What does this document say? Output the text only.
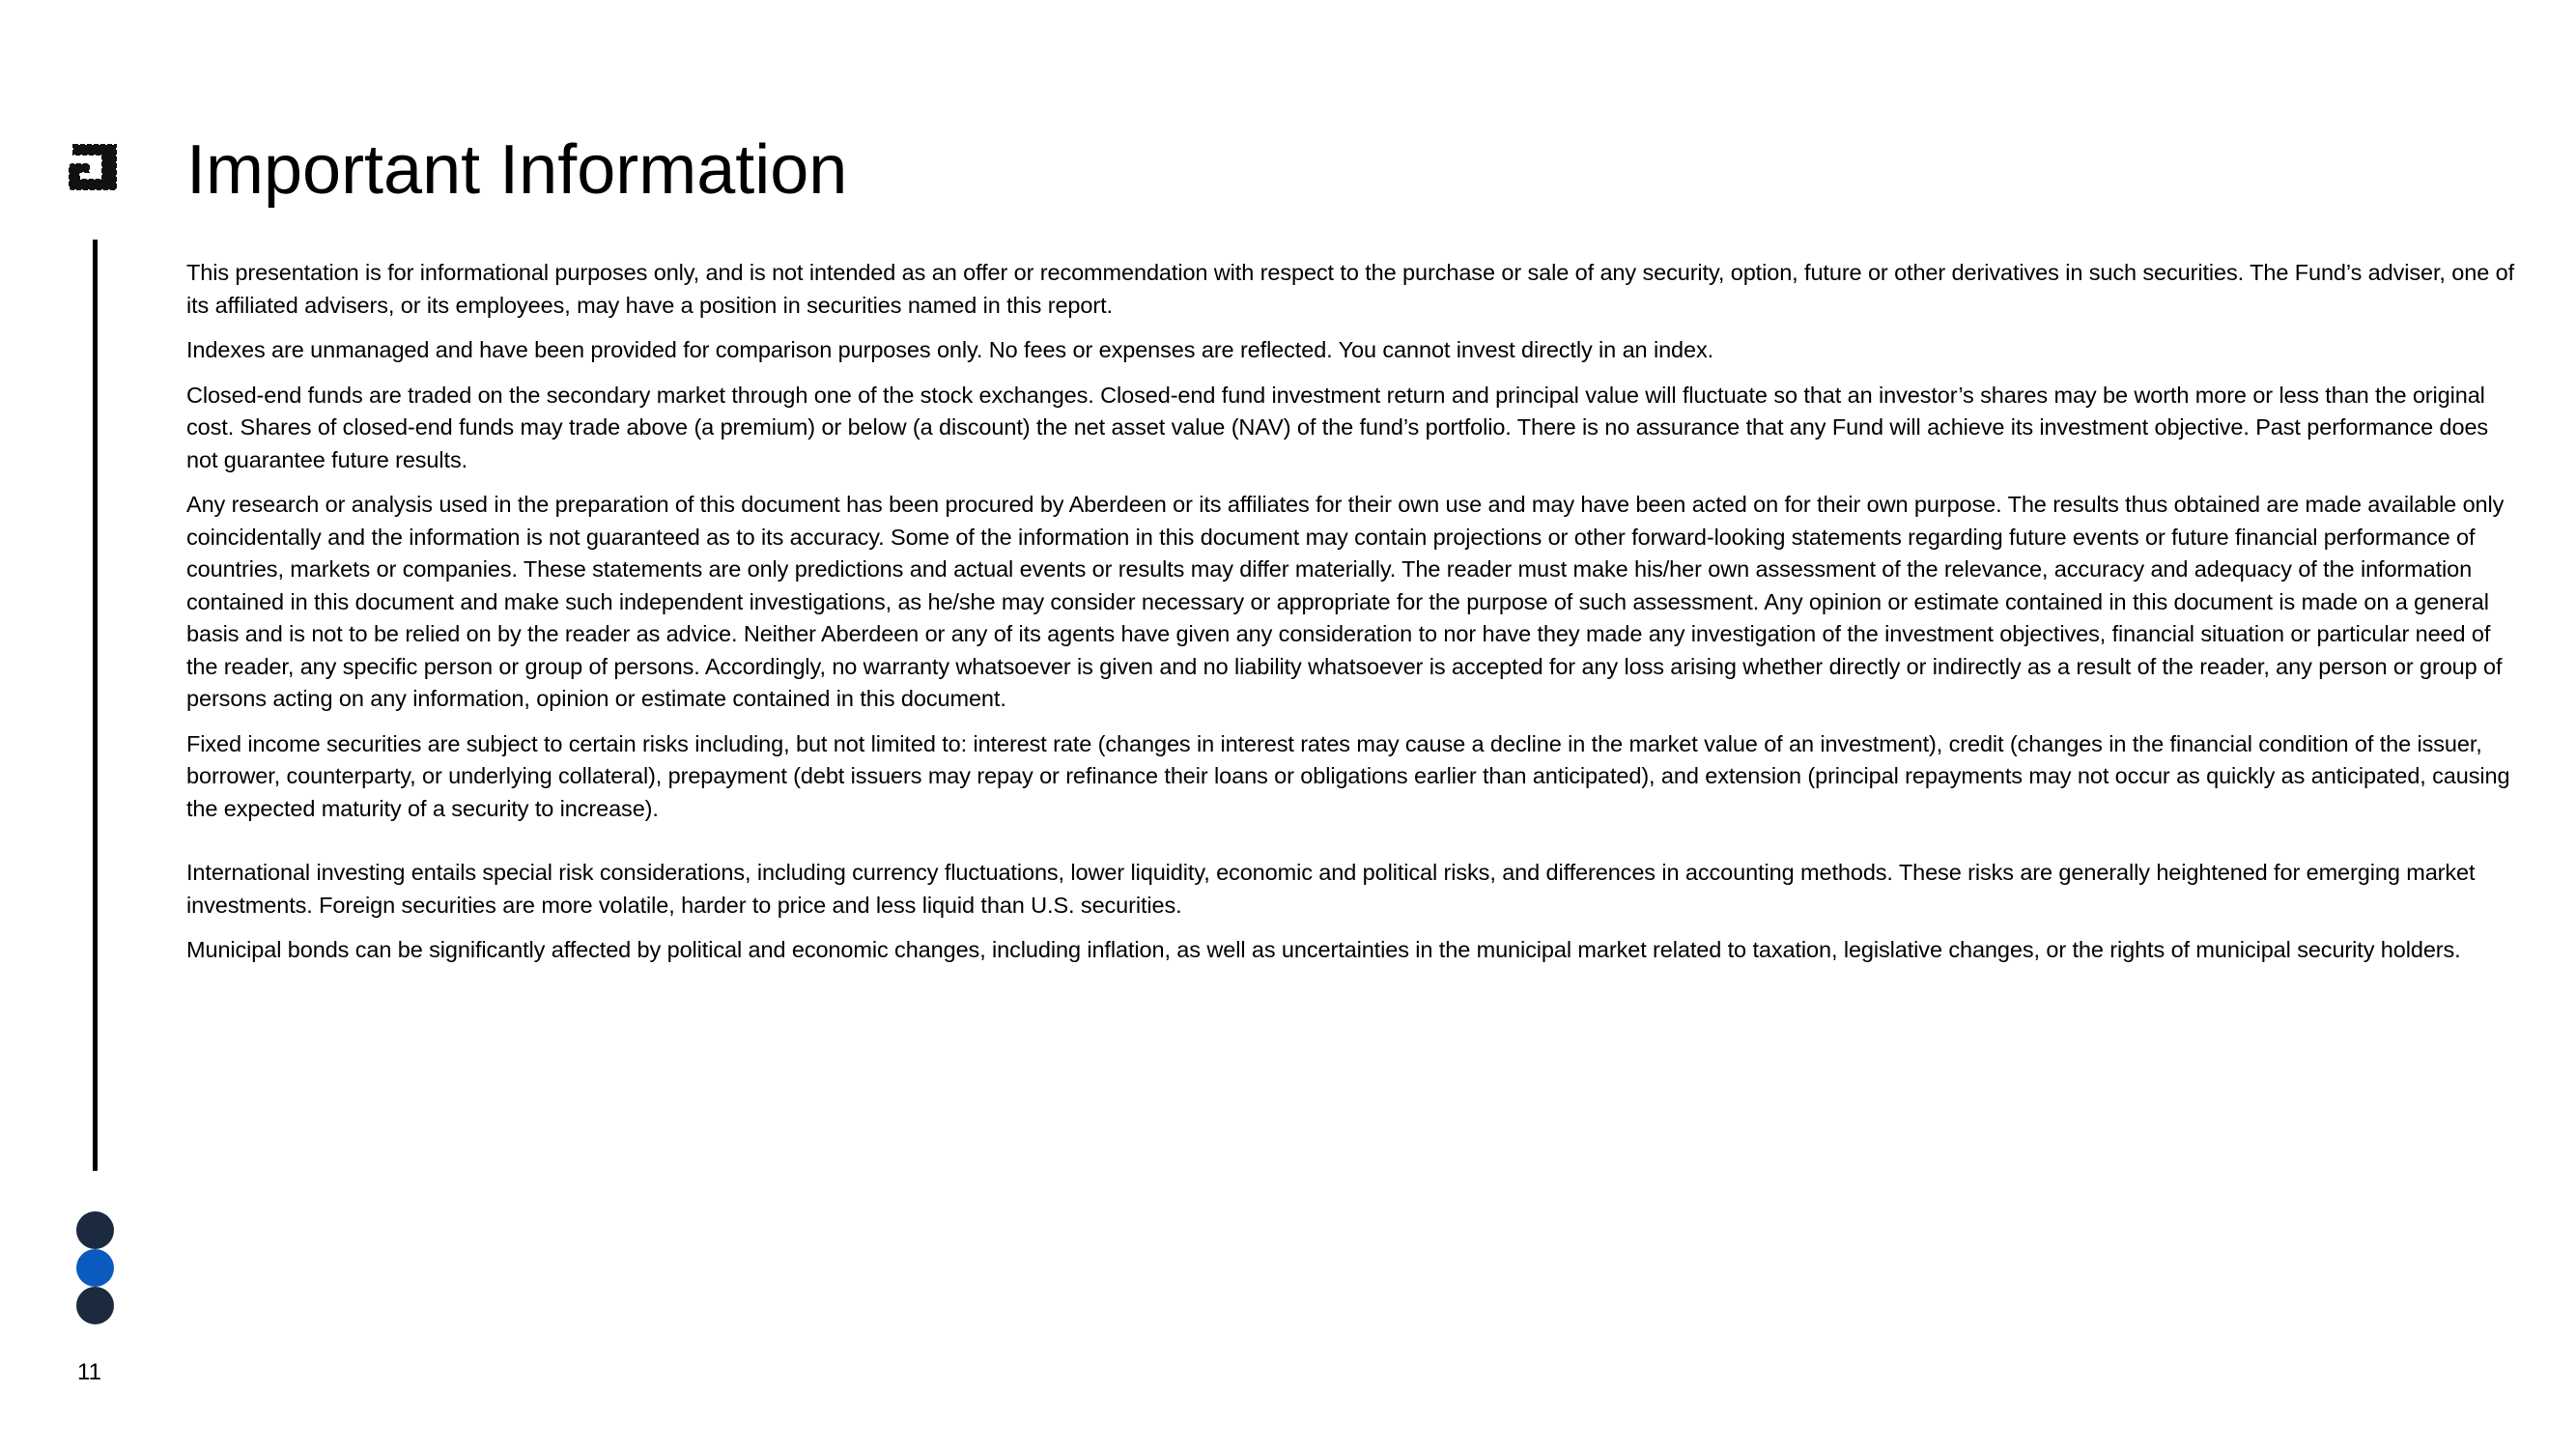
Important Information

This presentation is for informational purposes only, and is not intended as an offer or recommendation with respect to the purchase or sale of any security, option, future or other derivatives in such securities. The Fund’s adviser, one of its affiliated advisers, or its employees, may have a position in securities named in this report.

Indexes are unmanaged and have been provided for comparison purposes only. No fees or expenses are reflected. You cannot invest directly in an index.

Closed-end funds are traded on the secondary market through one of the stock exchanges. Closed-end fund investment return and principal value will fluctuate so that an investor’s shares may be worth more or less than the original cost. Shares of closed-end funds may trade above (a premium) or below (a discount) the net asset value (NAV) of the fund’s portfolio. There is no assurance that any Fund will achieve its investment objective. Past performance does not guarantee future results.

Any research or analysis used in the preparation of this document has been procured by Aberdeen or its affiliates for their own use and may have been acted on for their own purpose. The results thus obtained are made available only coincidentally and the information is not guaranteed as to its accuracy. Some of the information in this document may contain projections or other forward-looking statements regarding future events or future financial performance of countries, markets or companies. These statements are only predictions and actual events or results may differ materially. The reader must make his/her own assessment of the relevance, accuracy and adequacy of the information contained in this document and make such independent investigations, as he/she may consider necessary or appropriate for the purpose of such assessment. Any opinion or estimate contained in this document is made on a general basis and is not to be relied on by the reader as advice. Neither Aberdeen or any of its agents have given any consideration to nor have they made any investigation of the investment objectives, financial situation or particular need of the reader, any specific person or group of persons. Accordingly, no warranty whatsoever is given and no liability whatsoever is accepted for any loss arising whether directly or indirectly as a result of the reader, any person or group of persons acting on any information, opinion or estimate contained in this document.

Fixed income securities are subject to certain risks including, but not limited to: interest rate (changes in interest rates may cause a decline in the market value of an investment), credit (changes in the financial condition of the issuer, borrower, counterparty, or underlying collateral), prepayment (debt issuers may repay or refinance their loans or obligations earlier than anticipated), and extension (principal repayments may not occur as quickly as anticipated, causing the expected maturity of a security to increase).

International investing entails special risk considerations, including currency fluctuations, lower liquidity, economic and political risks, and differences in accounting methods. These risks are generally heightened for emerging market investments. Foreign securities are more volatile, harder to price and less liquid than U.S. securities.

Municipal bonds can be significantly affected by political and economic changes, including inflation, as well as uncertainties in the municipal market related to taxation, legislative changes, or the rights of municipal security holders.

11
